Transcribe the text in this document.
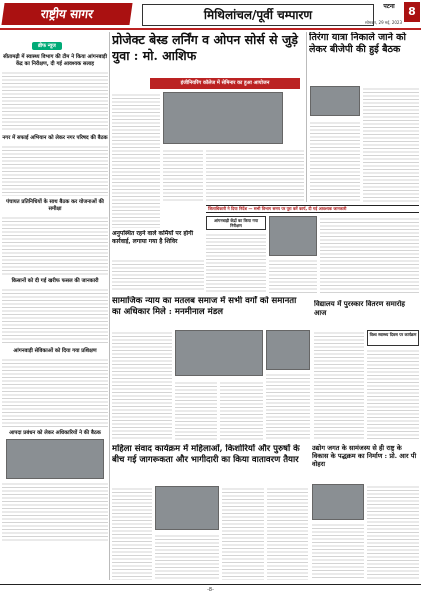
राष्ट्रीय सागर	मिथिलांचल/पूर्वी चम्पारण
पटना
सोमवार, 29 मई, 2023
8
ब्रीफ न्यूज
सीतामढ़ी में स्वास्थ्य विभाग की टीम ने किया आंगनबाड़ी केंद्र का निरीक्षण, दी गई आवश्यक सलाह
नगर में सफाई अभियान को लेकर नगर परिषद की बैठक
पंचायत प्रतिनिधियों के साथ बैठक कर योजनाओं की समीक्षा
किसानों को दी गई खरीफ फसल की जानकारी
आंगनवाड़ी सेविकाओं को दिया गया प्रशिक्षण
आपदा प्रबंधन को लेकर अधिकारियों ने की बैठक
प्रोजेक्ट बेस्ड लर्निंग व ओपन सोर्स से जुड़े युवा : मो. आशिफ
इंजीनियरिंग कॉलेज में सेमिनार का हुआ आयोजन
तिरंगा यात्रा निकाले जाने को लेकर बीजेपी की हुई बैठक
अनुपस्थित रहने वाले कर्मियों पर होगी कार्रवाई, लगाया गया है शिविर
जिलाधिकारी ने दिया निर्देश — सभी विभाग समय पर पूरा करें कार्य, दी गई आवश्यक जानकारी
आंगनबाड़ी केंद्रों का किया गया निरीक्षण
सामाजिक न्याय का मतलब समाज में सभी वर्गों को समानता का अधिकार मिले : मनमीनाल मंडल
विद्यालय में पुरस्कार वितरण समारोह आज
विश्व स्वास्थ्य दिवस पर कार्यक्रम
महिला संवाद कार्यक्रम में महिलाओं, किशोरियों और पुरुषों के बीच गई जागरूकता और भागीदारी का किया वातावरण तैयार
उद्योग जगत के सामंजस्य से ही राष्ट्र के विकास के पद्धक्रम का निर्माण : प्रो. आर पी वोहरा
-8-
